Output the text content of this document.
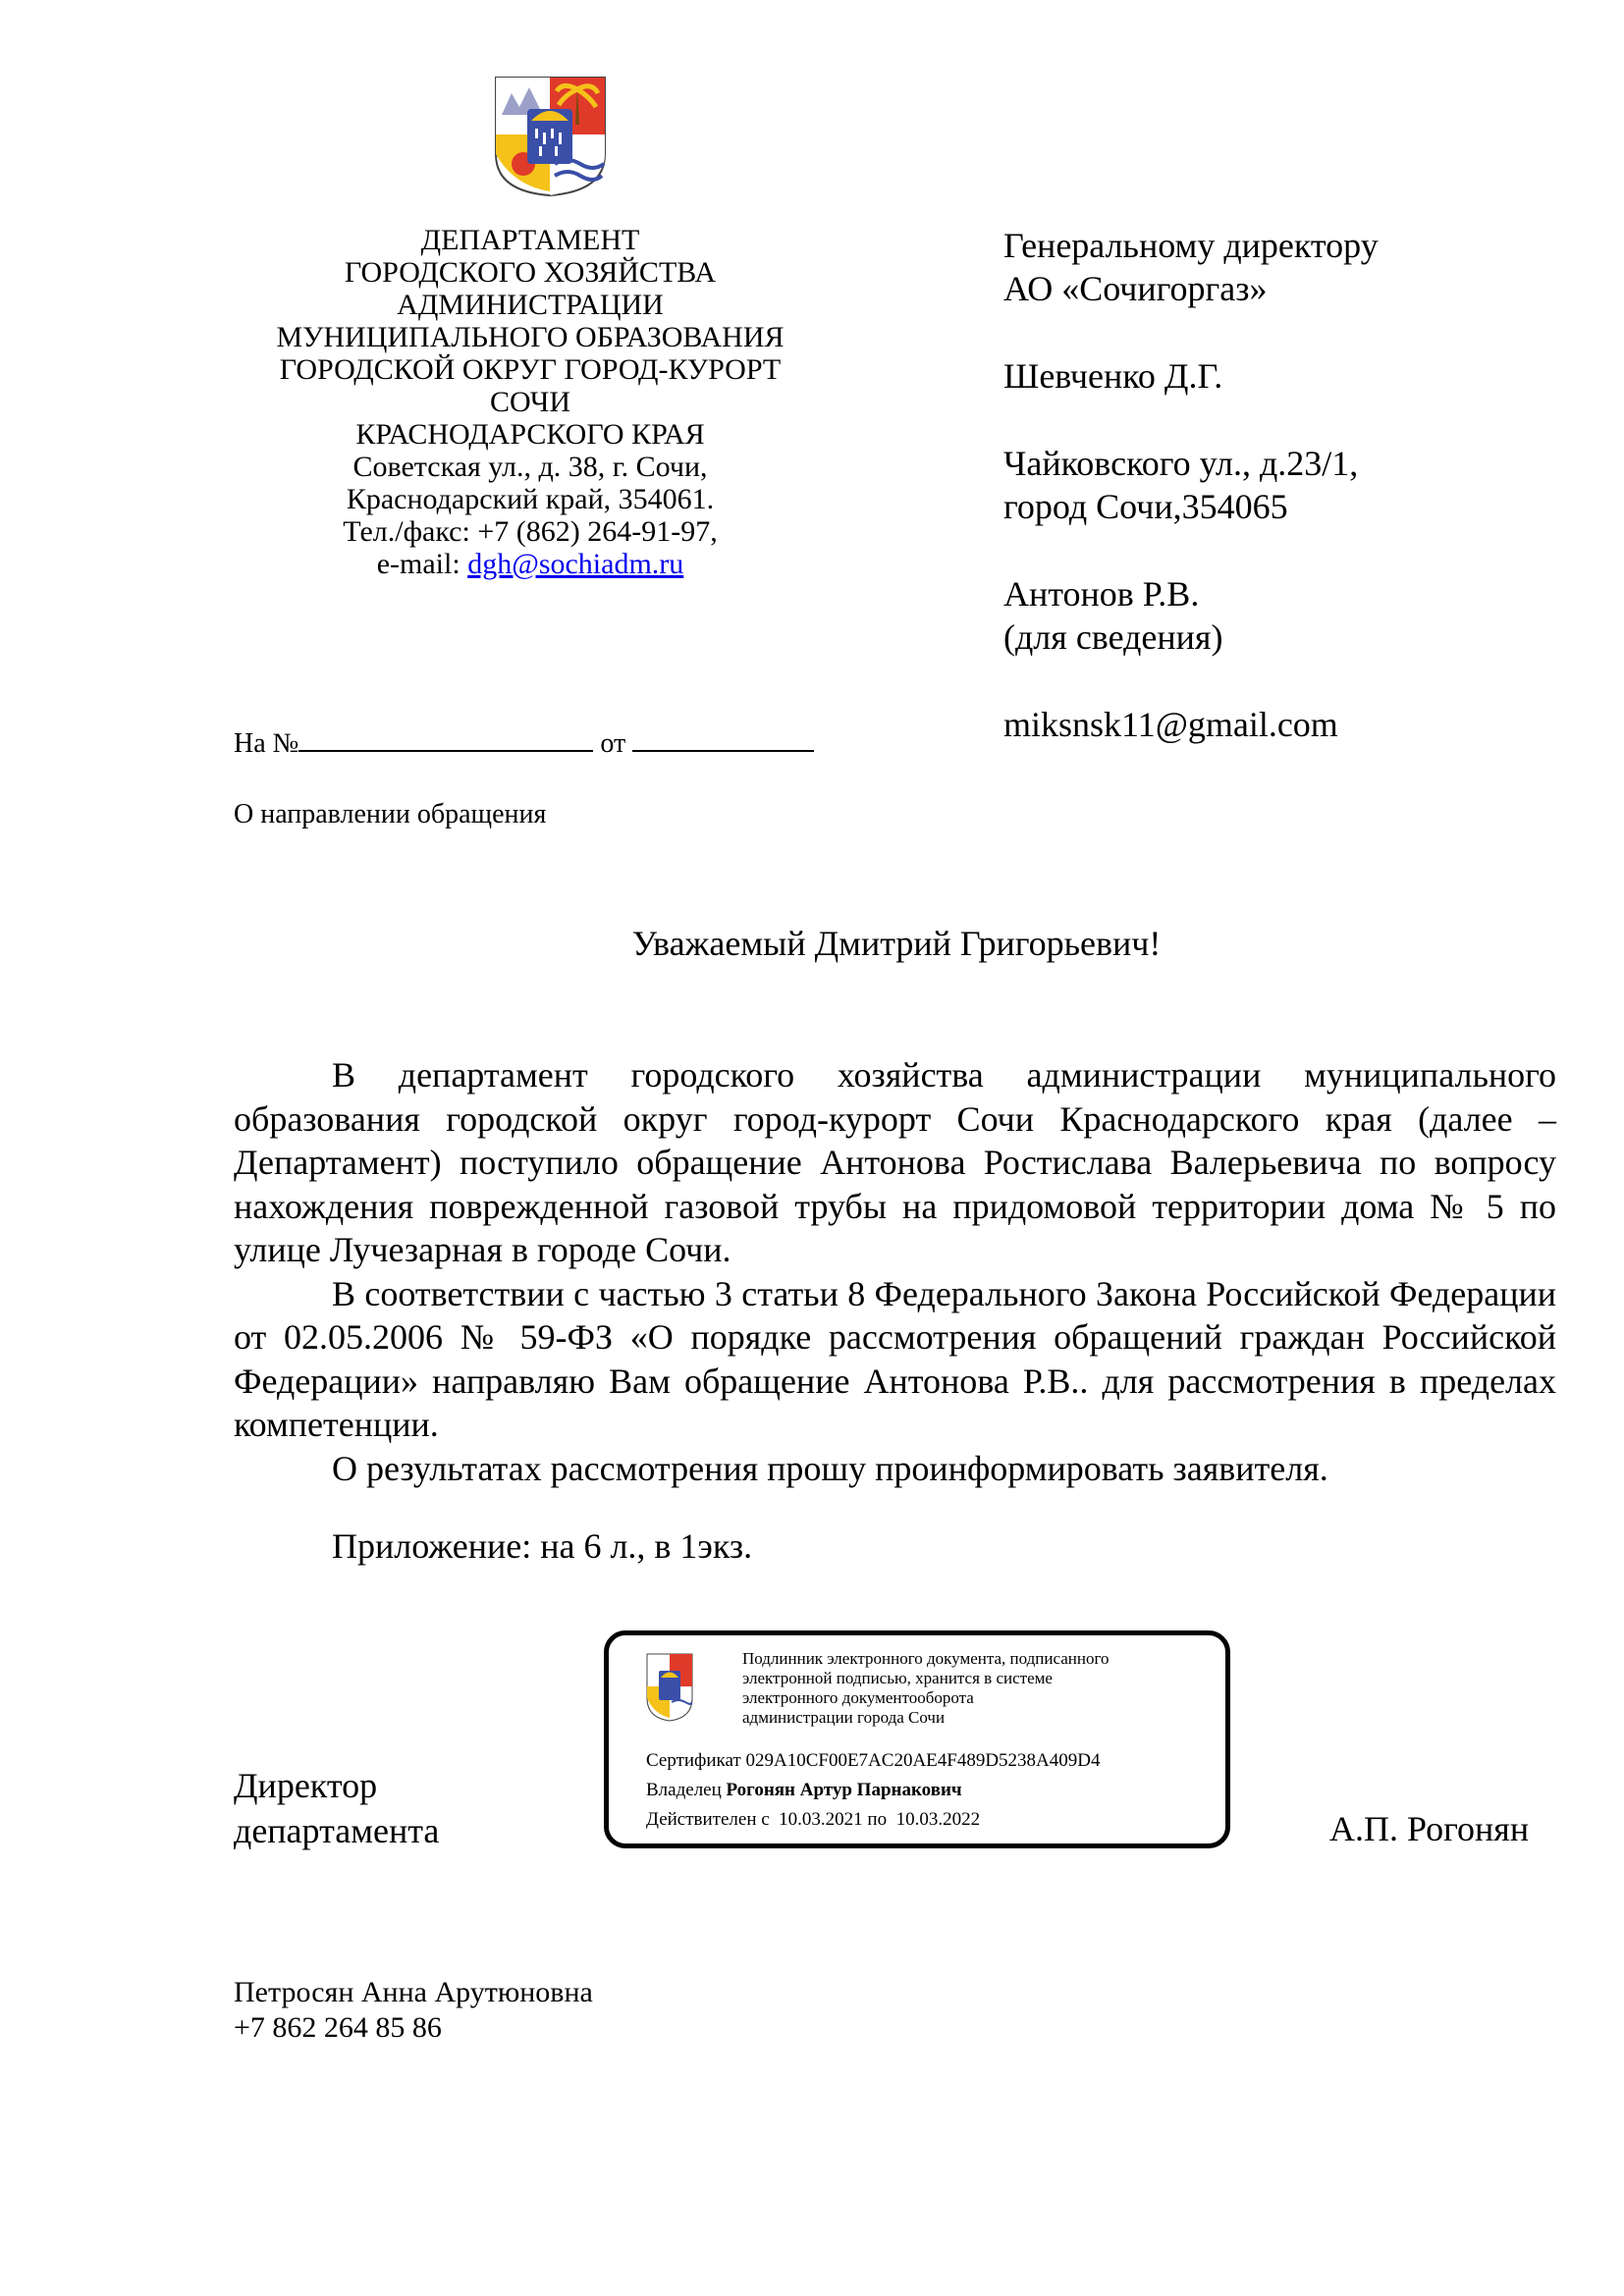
ДЕПАРТАМЕНТ
ГОРОДСКОГО ХОЗЯЙСТВА
АДМИНИСТРАЦИИ
МУНИЦИПАЛЬНОГО ОБРАЗОВАНИЯ
ГОРОДСКОЙ ОКРУГ ГОРОД-КУРОРТ
СОЧИ
КРАСНОДАРСКОГО КРАЯ
Советская ул., д. 38, г. Сочи,
Краснодарский край, 354061.
Тел./факс: +7 (862) 264-91-97,
e-mail: dgh@sochiadm.ru
Генеральному директору
АО «Сочигоргаз»
Шевченко Д.Г.
Чайковского ул., д.23/1,
город Сочи,354065
Антонов Р.В.
(для сведения)
miksnsk11@gmail.com
На №	от
О направлении обращения
Уважаемый Дмитрий Григорьевич!

В департамент городского хозяйства администрации муниципального образования городской округ город-курорт Сочи Краснодарского края (далее – Департамент) поступило обращение Антонова Ростислава Валерьевича по вопросу нахождения поврежденной газовой трубы на придомовой территории дома № 5 по улице Лучезарная в городе Сочи.

В соответствии с частью 3 статьи 8 Федерального Закона Российской Федерации от 02.05.2006 № 59-ФЗ «О порядке рассмотрения обращений граждан Российской Федерации» направляю Вам обращение Антонова Р.В.. для рассмотрения в пределах компетенции.

О результатах рассмотрения прошу проинформировать заявителя.

Приложение: на 6 л., в 1экз.

Директор
департамента	А.П. Рогонян
Подлинник электронного документа, подписанного
электронной подписью, хранится в системе
электронного документооборота
администрации города Сочи
Сертификат 029A10CF00E7AC20AE4F489D5238A409D4
Владелец Рогонян Артур Парнакович
Действителен с 10.03.2021 по 10.03.2022
Петросян Анна Арутюновна
+7 862 264 85 86
